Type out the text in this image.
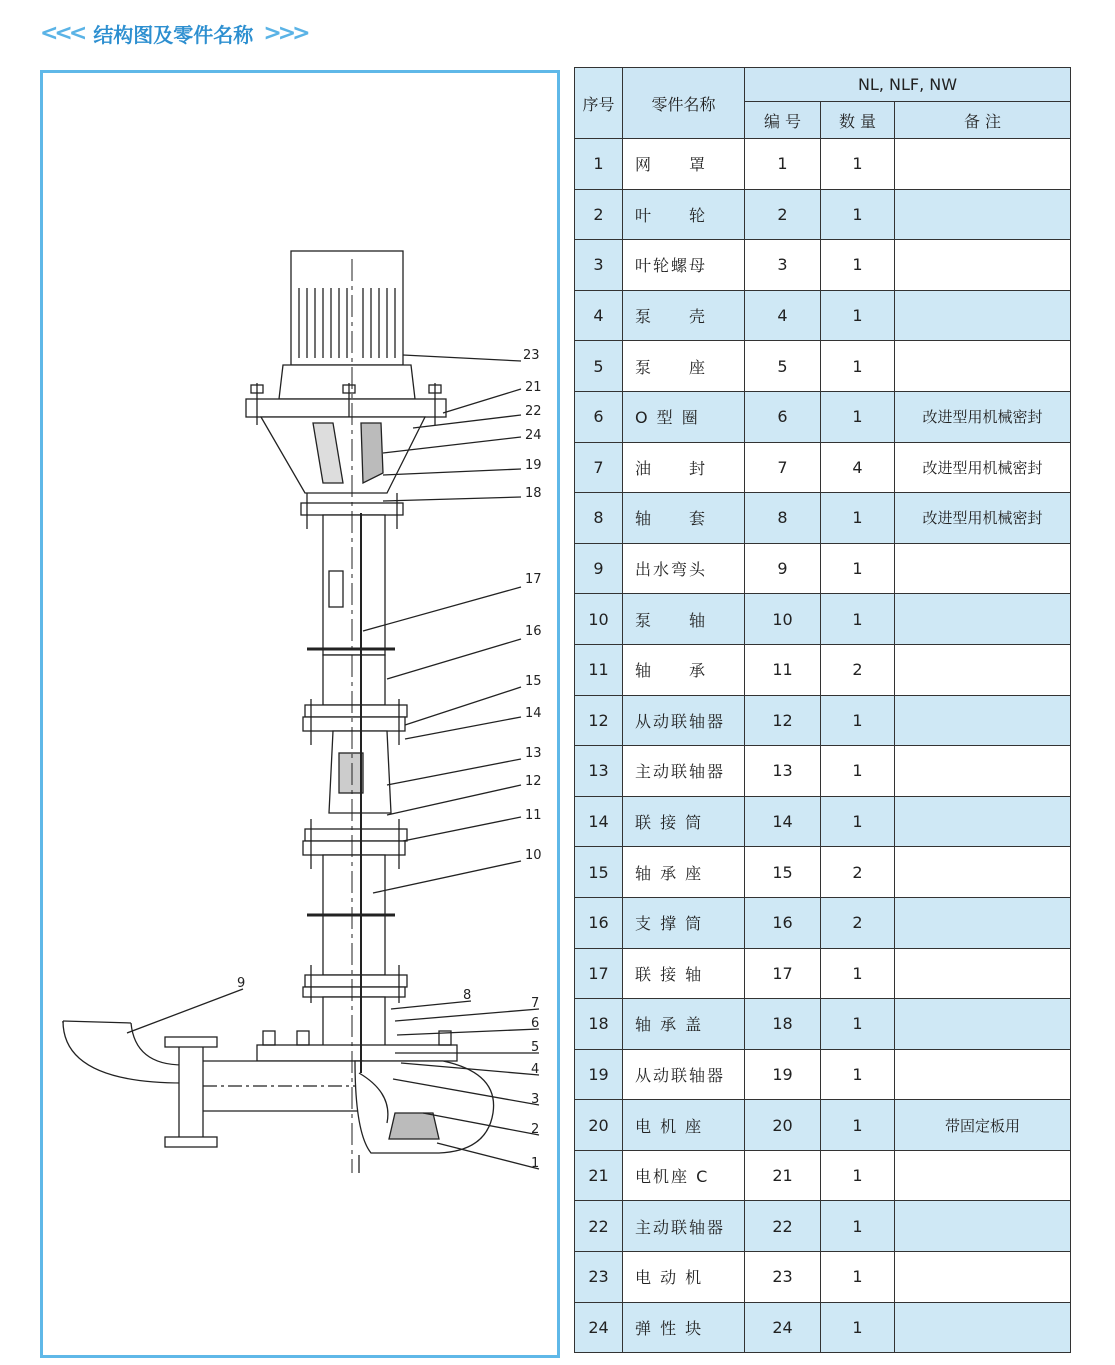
<<< 结构图及零件名称 >>>
23
21
22
24
19
18
17
16
15
14
13
12
11
10
9
8
7
6
5
4
3
2
1
序号	零件名称	NL, NLF, NW		
		编 号	数 量	备 注
1	网　　罩	1	1	
2	叶　　轮	2	1	
3	叶轮螺母	3	1	
4	泵　　壳	4	1	
5	泵　　座	5	1	
6	O 型 圈	6	1	改进型用机械密封
7	油　　封	7	4	改进型用机械密封
8	轴　　套	8	1	改进型用机械密封
9	出水弯头	9	1	
10	泵　　轴	10	1	
11	轴　　承	11	2	
12	从动联轴器	12	1	
13	主动联轴器	13	1	
14	联 接 筒	14	1	
15	轴 承 座	15	2	
16	支 撑 筒	16	2	
17	联 接 轴	17	1	
18	轴 承 盖	18	1	
19	从动联轴器	19	1	
20	电 机 座	20	1	带固定板用
21	电机座 C	21	1	
22	主动联轴器	22	1	
23	电 动 机	23	1	
24	弹 性 块	24	1	
